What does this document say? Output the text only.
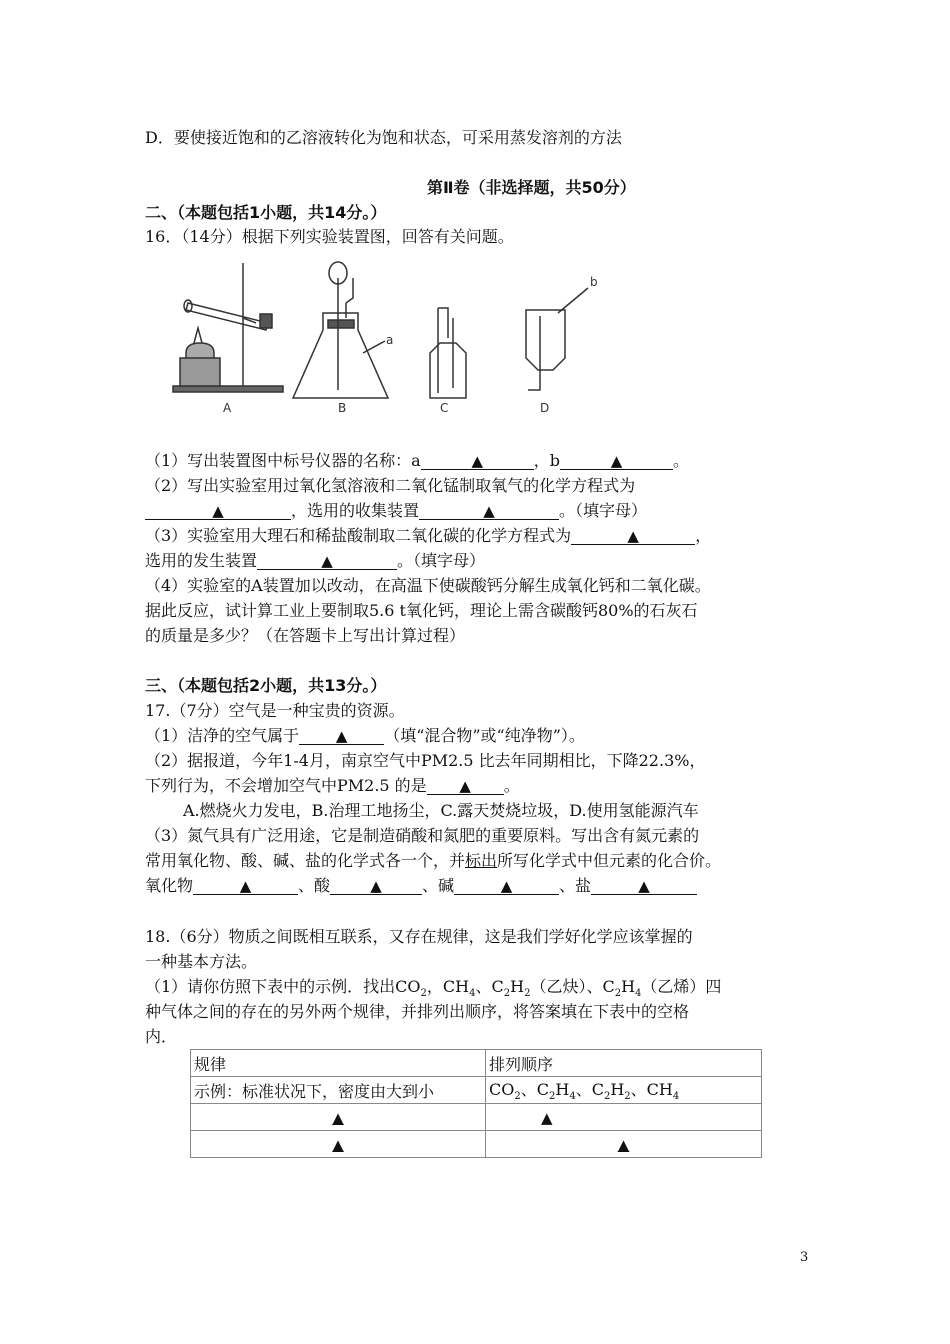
D．要使接近饱和的乙溶液转化为饱和状态，可采用蒸发溶剂的方法
第Ⅱ卷（非选择题，共50分）
二、（本题包括1小题，共14分。）
16．（14分）根据下列实验装置图，回答有关问题。
A	B	C	D
a
b
（1）写出装置图中标号仪器的名称：a	▲	，b	▲	。
（2）写出实验室用过氧化氢溶液和二氧化锰制取氧气的化学方程式为
▲	，选用的收集装置	▲	。（填字母）
（3）实验室用大理石和稀盐酸制取二氧化碳的化学方程式为	▲	，
选用的发生装置	▲	。（填字母）
（4）实验室的A装置加以改动，在高温下使碳酸钙分解生成氧化钙和二氧化碳。
据此反应，试计算工业上要制取5.6 t氧化钙，理论上需含碳酸钙80%的石灰石
的质量是多少？（在答题卡上写出计算过程）
三、（本题包括2小题，共13分。）
17.（7分）空气是一种宝贵的资源。
（1）洁净的空气属于 ▲ （填“混合物”或“纯净物”）。
（2）据报道，今年1-4月，南京空气中PM2.5 比去年同期相比，下降22.3%，
下列行为，不会增加空气中PM2.5 的是 ▲ 。
A.燃烧火力发电，B.治理工地扬尘，C.露天焚烧垃圾，D.使用氢能源汽车
（3）氮气具有广泛用途，它是制造硝酸和氮肥的重要原料。写出含有氮元素的
常用氧化物、酸、碱、盐的化学式各一个，并标出所写化学式中但元素的化合价。
氧化物	▲	、酸	▲	、碱	▲	、盐	▲
18.（6分）物质之间既相互联系，又存在规律，这是我们学好化学应该掌握的
一种基本方法。
（1）请你仿照下表中的示例．找出$CO_2$，$CH_4$、$C_2H_2$（乙炔）、$C_2H_4$（乙烯）四
种气体之间的存在的另外两个规律，并排列出顺序，将答案填在下表中的空格
内．
规律	排列顺序
示例：标准状况下，密度由大到小	$CO_2$、$C_2H_4$、$C_2H_2$、$CH_4$
▲	▲
▲	▲
3
